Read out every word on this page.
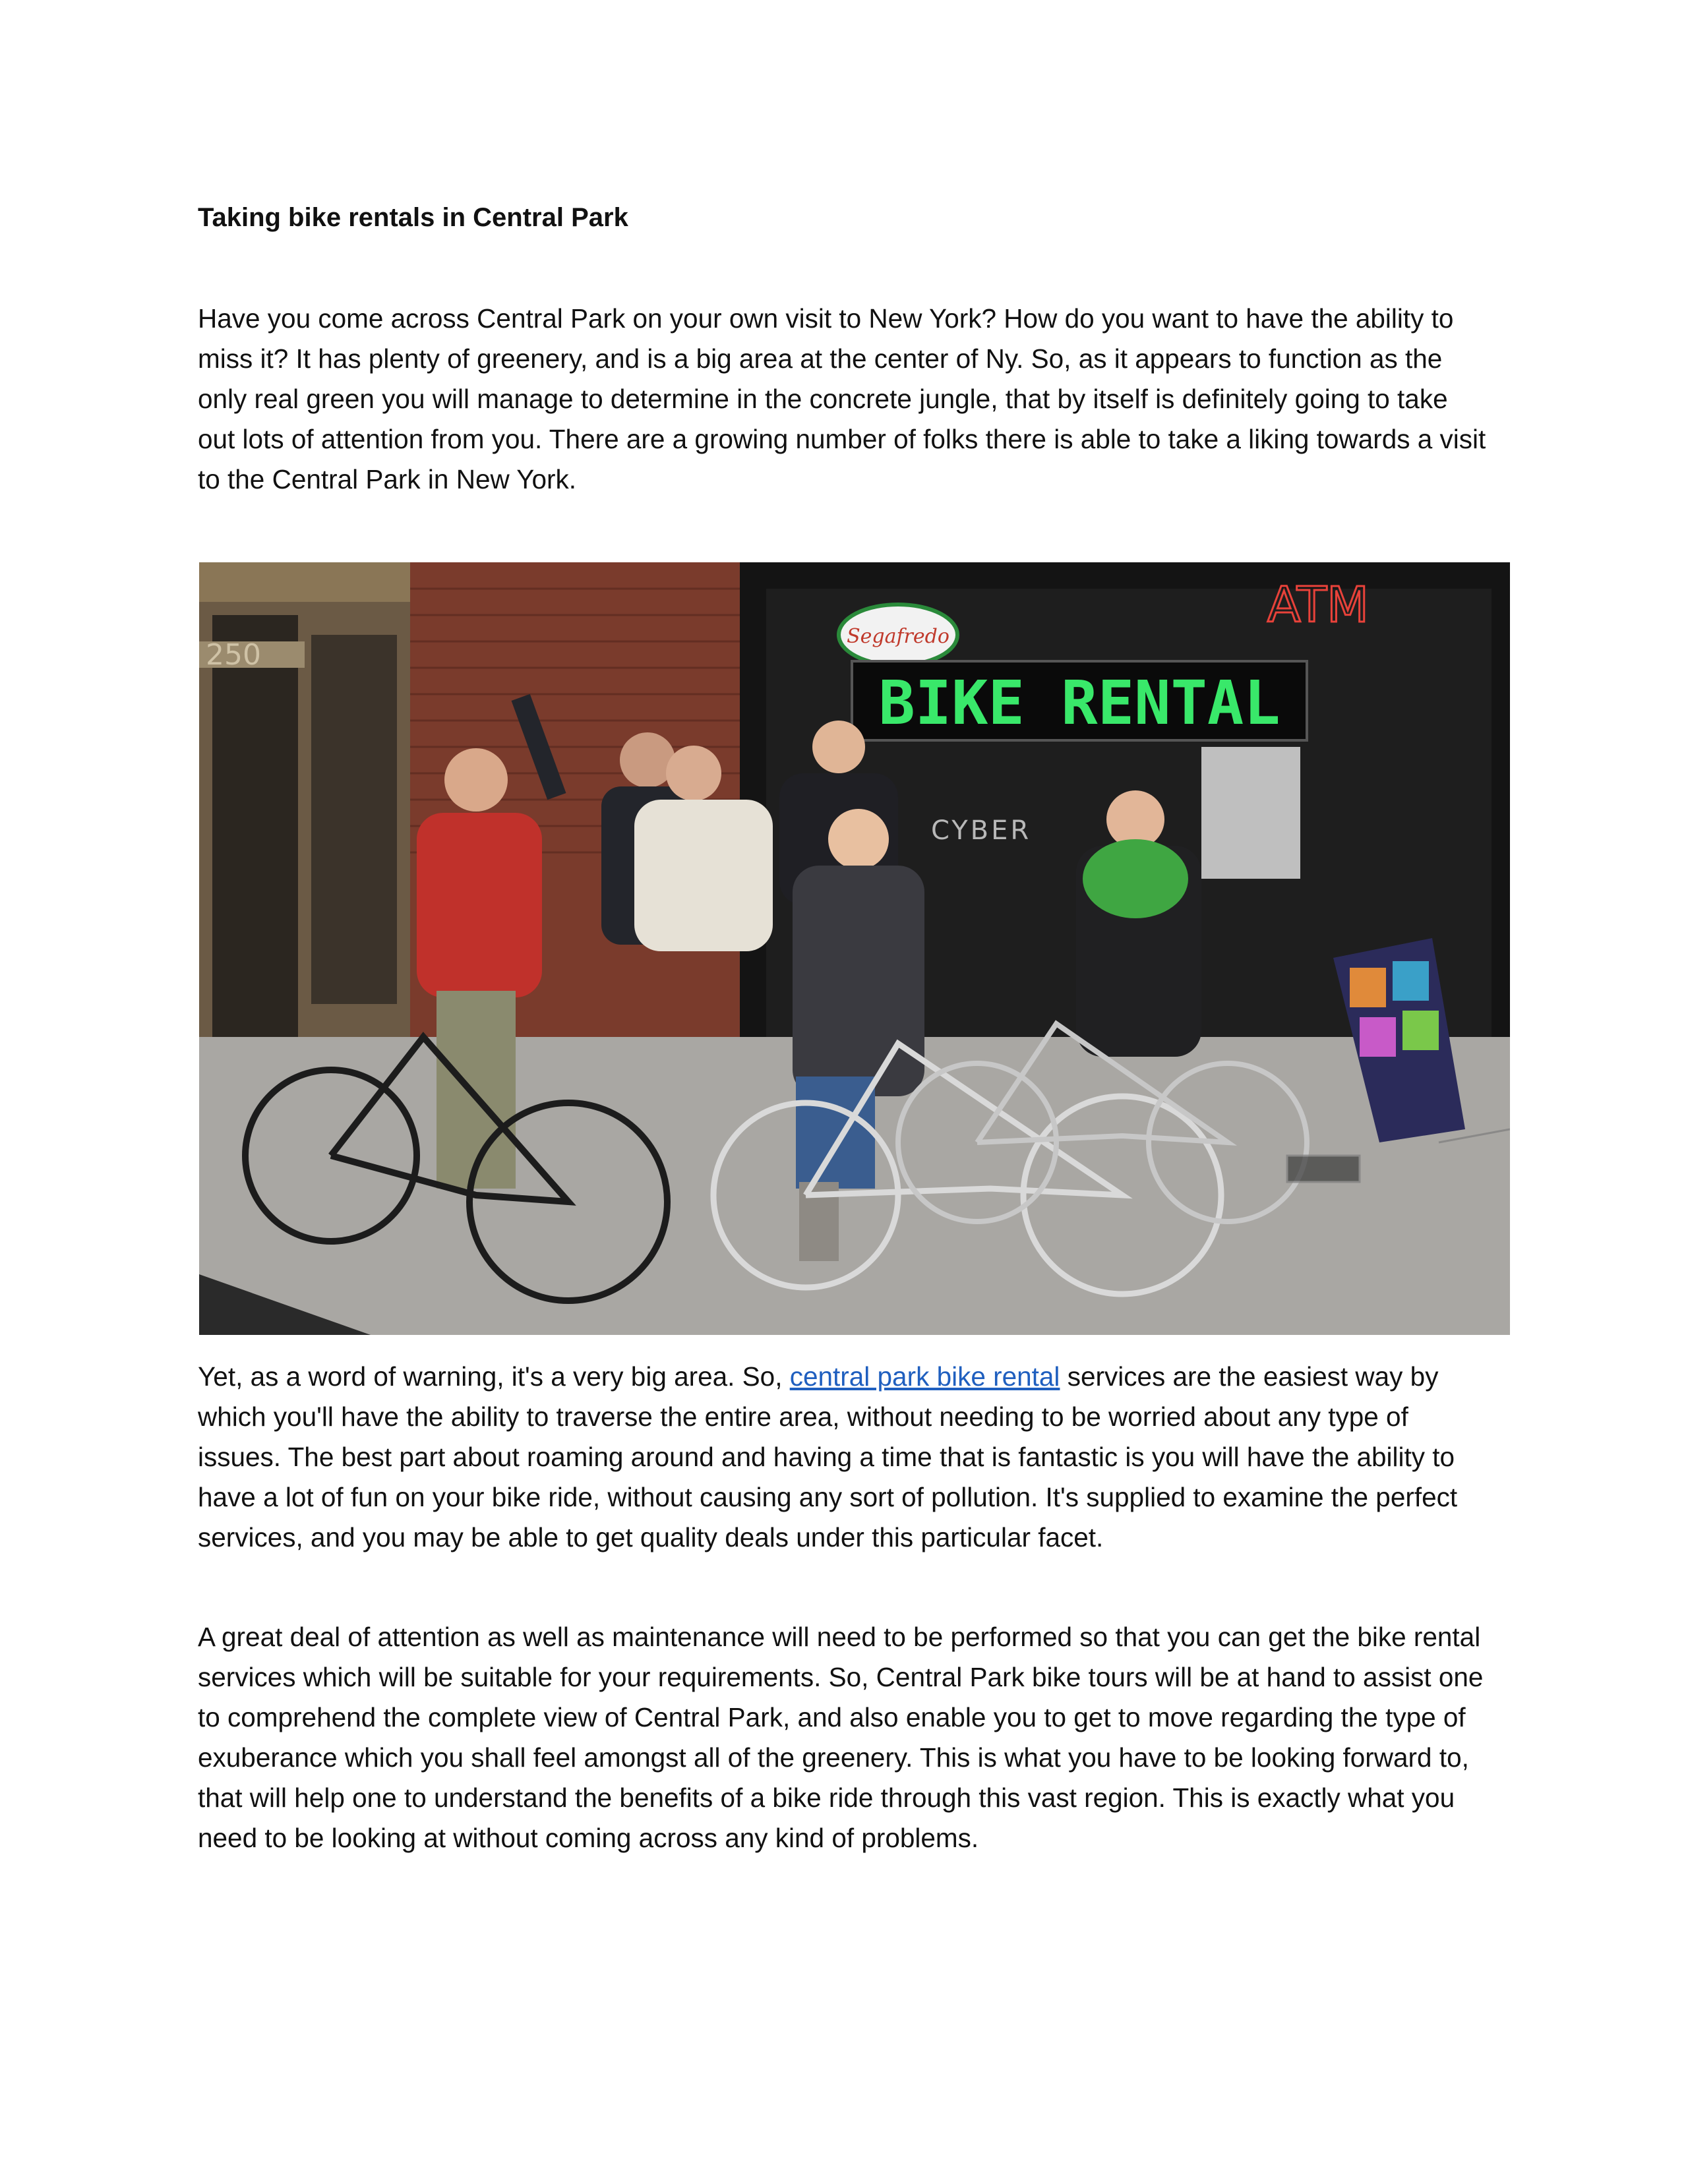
Taking bike rentals in Central Park

Have you come across Central Park on your own visit to New York? How do you want to have the ability to miss it? It has plenty of greenery, and is a big area at the center of Ny. So, as it appears to function as the only real green you will manage to determine in the concrete jungle, that by itself is definitely going to take out lots of attention from you. There are a growing number of folks there is able to take a liking towards a visit to the Central Park in New York.

250
Segafredo
ATM
BIKE RENTAL
CYBER

Yet, as a word of warning, it's a very big area. So, central park bike rental services are the easiest way by which you'll have the ability to traverse the entire area, without needing to be worried about any type of issues. The best part about roaming around and having a time that is fantastic is you will have the ability to have a lot of fun on your bike ride, without causing any sort of pollution. It's supplied to examine the perfect services, and you may be able to get quality deals under this particular facet.

A great deal of attention as well as maintenance will need to be performed so that you can get the bike rental services which will be suitable for your requirements. So, Central Park bike tours will be at hand to assist one to comprehend the complete view of Central Park, and also enable you to get to move regarding the type of exuberance which you shall feel amongst all of the greenery. This is what you have to be looking forward to, that will help one to understand the benefits of a bike ride through this vast region. This is exactly what you need to be looking at without coming across any kind of problems.
